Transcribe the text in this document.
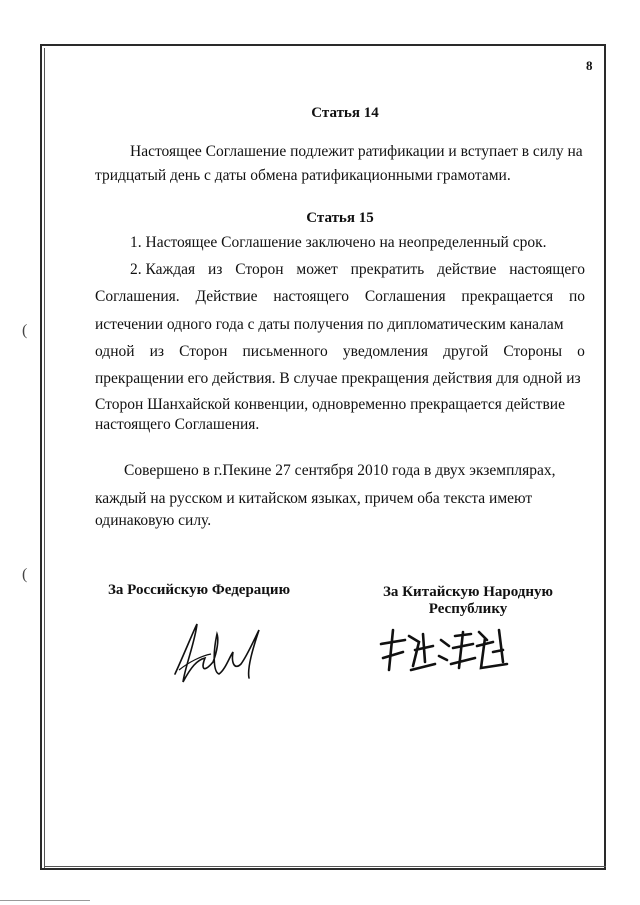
8
Статья 14
Настоящее Соглашение подлежит ратификации и вступает в силу на
тридцатый день с даты обмена ратификационными грамотами.
Статья 15
1. Настоящее Соглашение заключено на неопределенный срок.
2. Каждая из Сторон может прекратить действие настоящего
Соглашения. Действие настоящего Соглашения прекращается по
истечении одного года с даты получения по дипломатическим каналам
одной из Сторон письменного уведомления другой Стороны о
прекращении его действия. В случае прекращения действия для одной из
Сторон Шанхайской конвенции, одновременно прекращается действие
настоящего Соглашения.
Совершено в г.Пекине 27 сентября 2010 года в двух экземплярах,
каждый на русском и китайском языках, причем оба текста имеют
одинаковую силу.
За Российскую Федерацию	За Китайскую Народную
Республику
(
(
